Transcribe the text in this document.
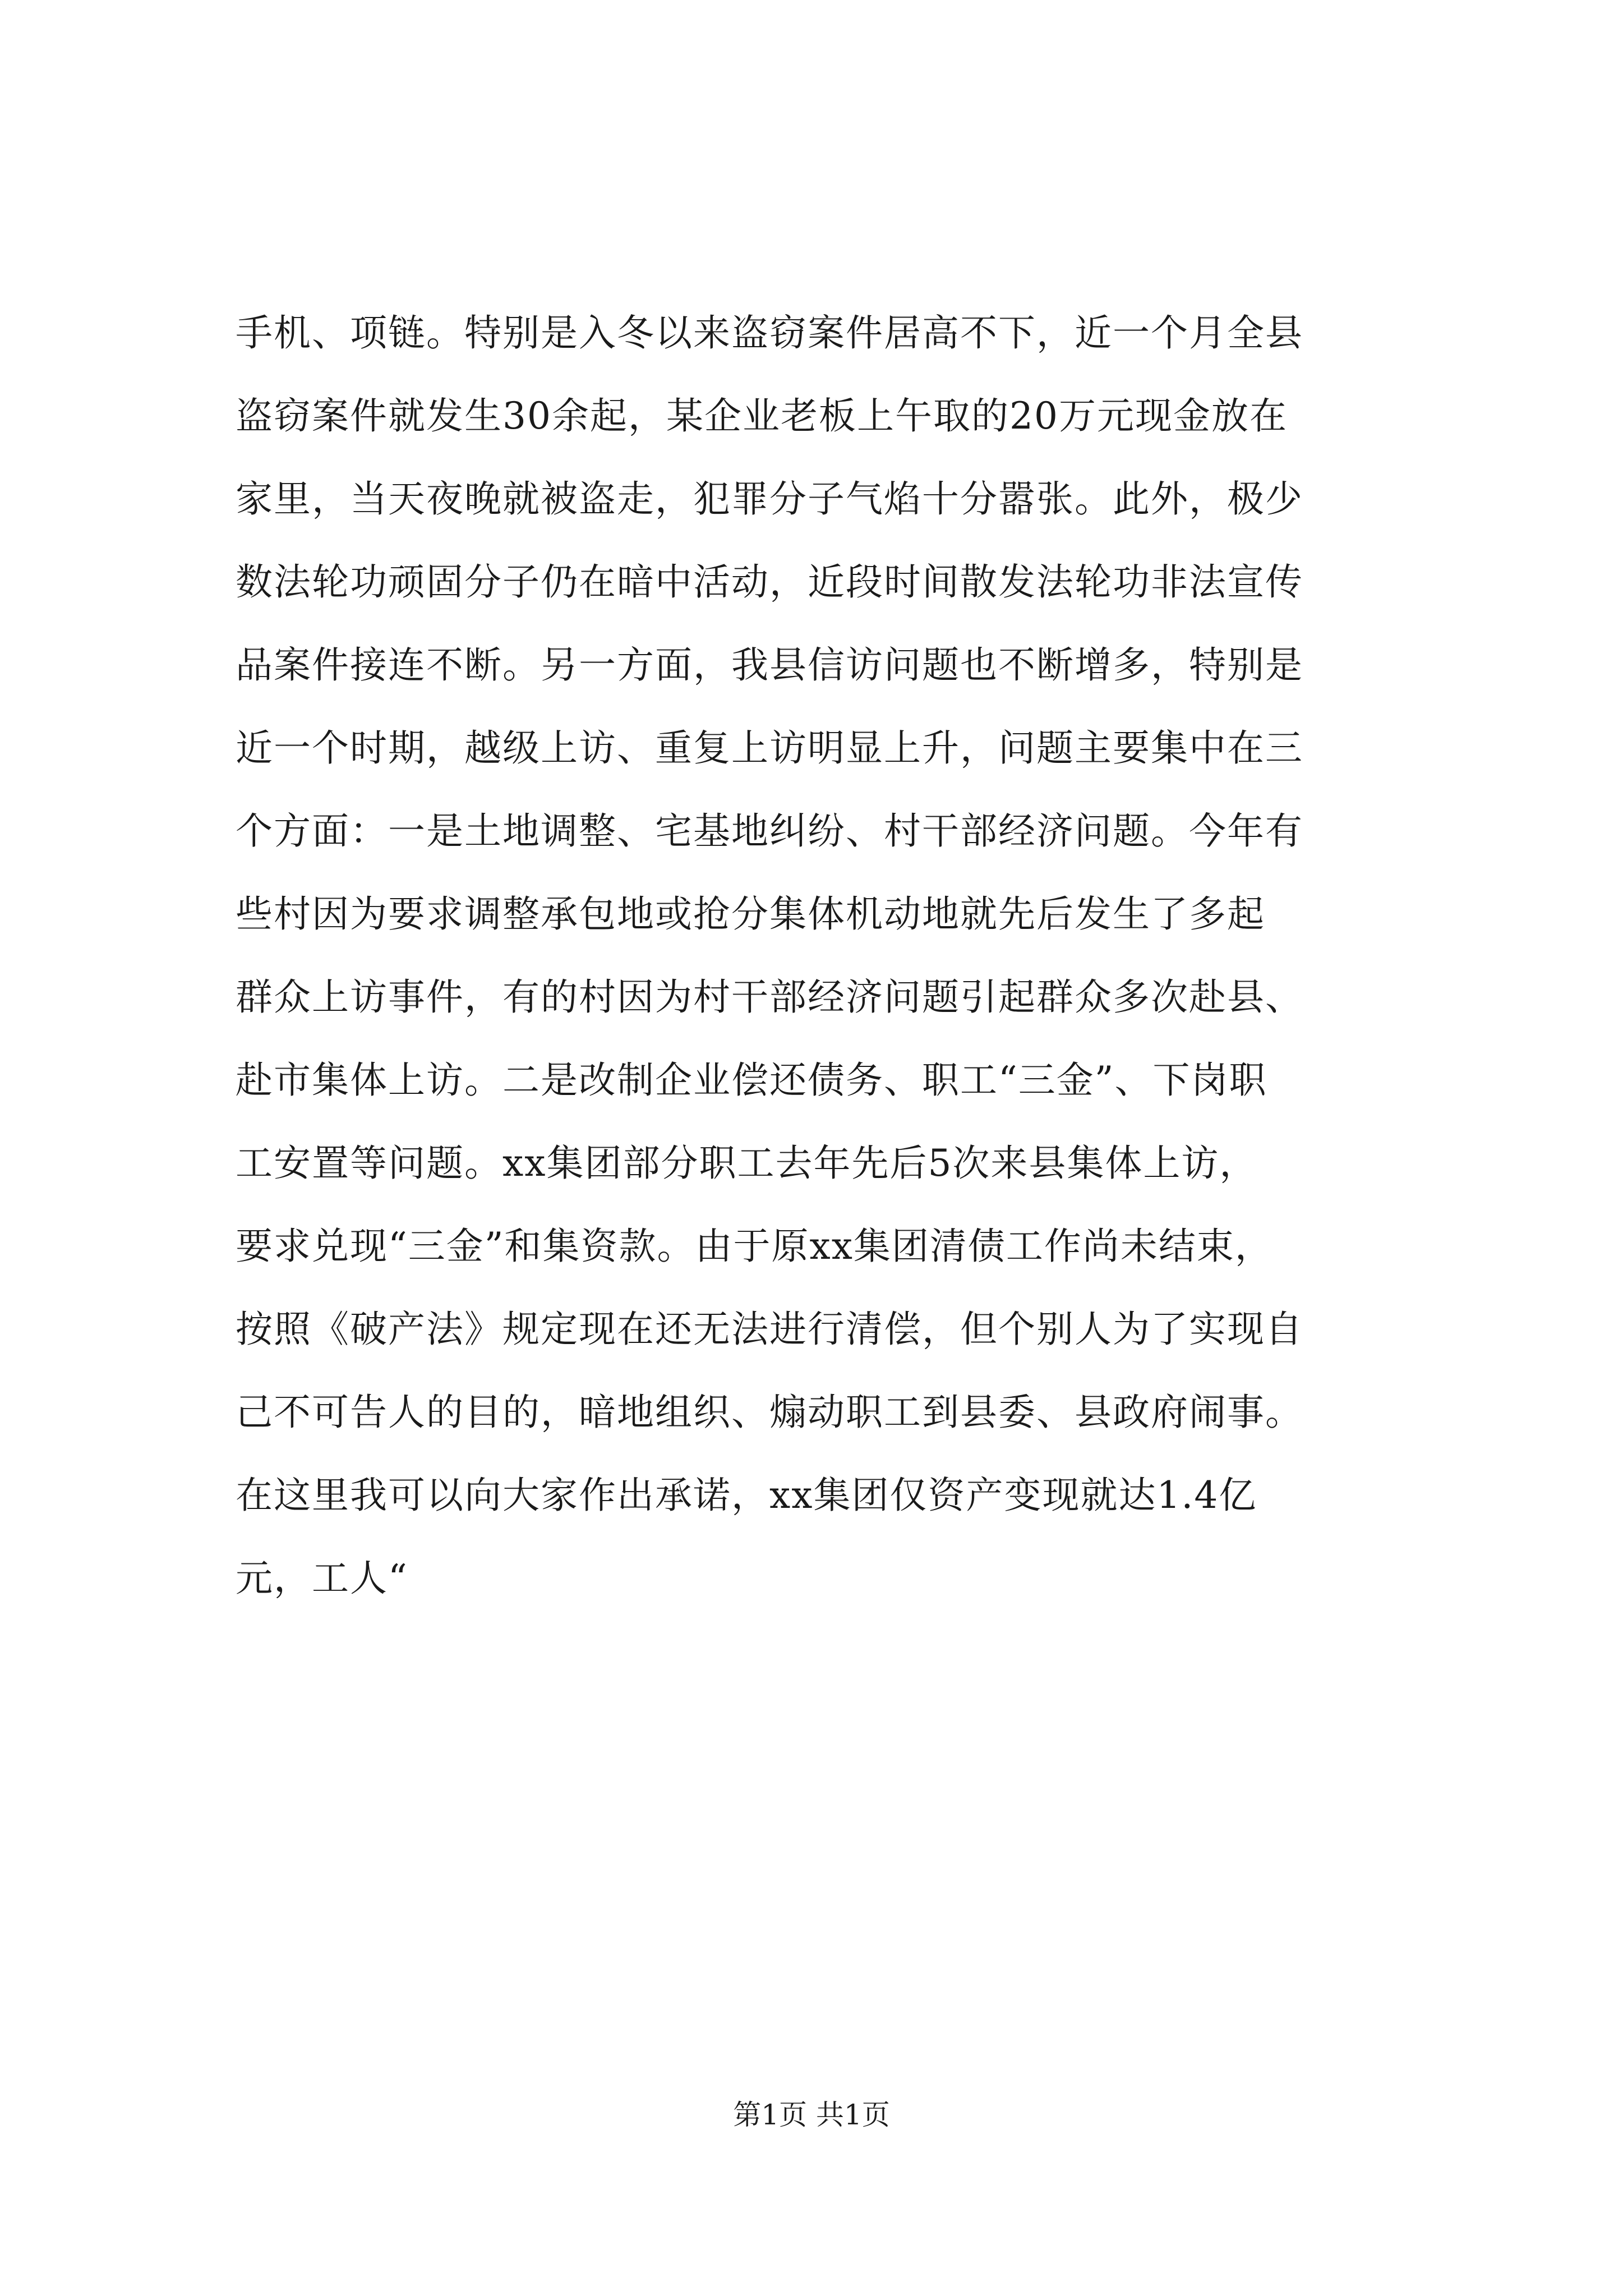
手机、项链。特别是入冬以来盗窃案件居高不下，近一个月全县
盗窃案件就发生30余起，某企业老板上午取的20万元现金放在
家里，当天夜晚就被盗走，犯罪分子气焰十分嚣张。此外，极少
数法轮功顽固分子仍在暗中活动，近段时间散发法轮功非法宣传
品案件接连不断。另一方面，我县信访问题也不断增多，特别是
近一个时期，越级上访、重复上访明显上升，问题主要集中在三
个方面：一是土地调整、宅基地纠纷、村干部经济问题。今年有
些村因为要求调整承包地或抢分集体机动地就先后发生了多起
群众上访事件，有的村因为村干部经济问题引起群众多次赴县、
赴市集体上访。二是改制企业偿还债务、职工“三金”、下岗职
工安置等问题。xx集团部分职工去年先后5次来县集体上访，
要求兑现“三金”和集资款。由于原xx集团清债工作尚未结束，
按照《破产法》规定现在还无法进行清偿，但个别人为了实现自
己不可告人的目的，暗地组织、煽动职工到县委、县政府闹事。
在这里我可以向大家作出承诺，xx集团仅资产变现就达1.4亿
元，工人“
第1页 共1页
